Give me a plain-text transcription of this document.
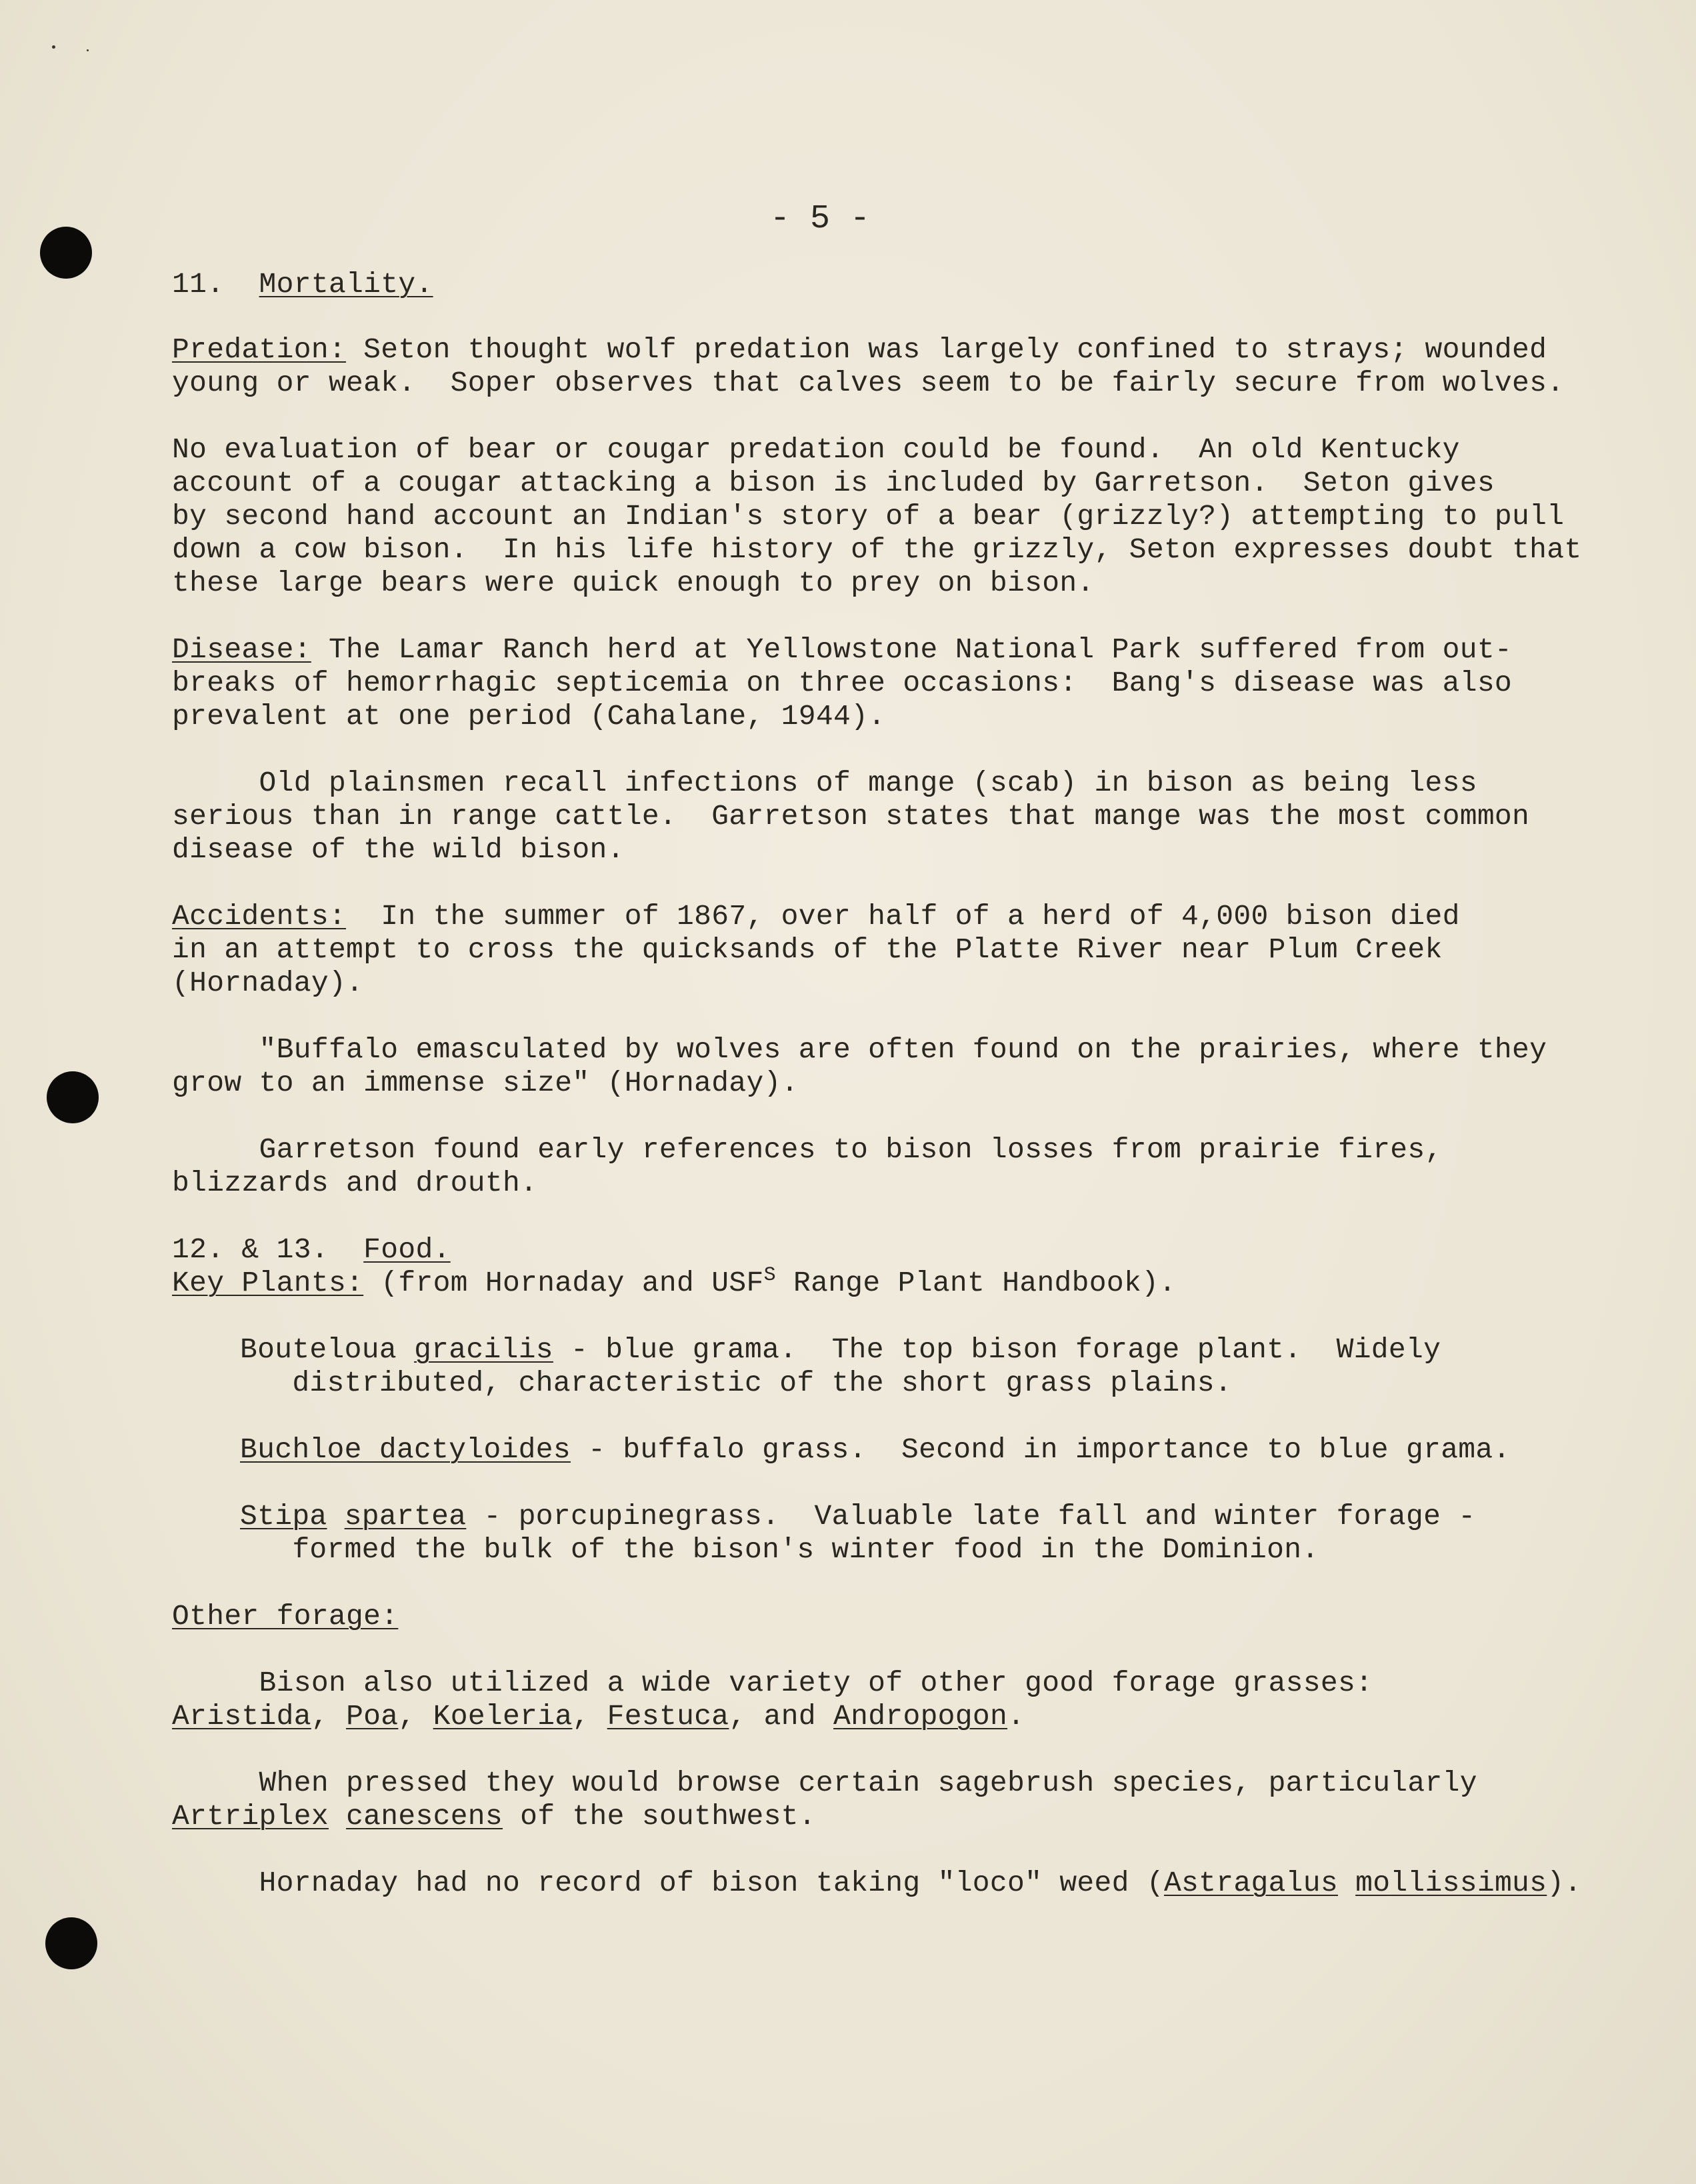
- 5 -
11. Mortality.
Predation: Seton thought wolf predation was largely confined to strays; wounded
young or weak.  Soper observes that calves seem to be fairly secure from wolves.
No evaluation of bear or cougar predation could be found.  An old Kentucky
account of a cougar attacking a bison is included by Garretson.  Seton gives
by second hand account an Indian's story of a bear (grizzly?) attempting to pull
down a cow bison.  In his life history of the grizzly, Seton expresses doubt that
these large bears were quick enough to prey on bison.
Disease: The Lamar Ranch herd at Yellowstone National Park suffered from out-
breaks of hemorrhagic septicemia on three occasions:  Bang's disease was also
prevalent at one period (Cahalane, 1944).
Old plainsmen recall infections of mange (scab) in bison as being less
serious than in range cattle.  Garretson states that mange was the most common
disease of the wild bison.
Accidents:  In the summer of 1867, over half of a herd of 4,000 bison died
in an attempt to cross the quicksands of the Platte River near Plum Creek
(Hornaday).
"Buffalo emasculated by wolves are often found on the prairies, where they
grow to an immense size" (Hornaday).
Garretson found early references to bison losses from prairie fires,
blizzards and drouth.
12. & 13. Food.
Key Plants: (from Hornaday and $USF^S$ Range Plant Handbook).
Bouteloua gracilis - blue grama.  The top bison forage plant.  Widely
distributed, characteristic of the short grass plains.
Buchloe dactyloides - buffalo grass.  Second in importance to blue grama.
Stipa spartea - porcupinegrass.  Valuable late fall and winter forage -
formed the bulk of the bison's winter food in the Dominion.
Other forage:
Bison also utilized a wide variety of other good forage grasses:
Aristida, Poa, Koeleria, Festuca, and Andropogon.
When pressed they would browse certain sagebrush species, particularly
Artriplex canescens of the southwest.
Hornaday had no record of bison taking "loco" weed (Astragalus mollissimus).
